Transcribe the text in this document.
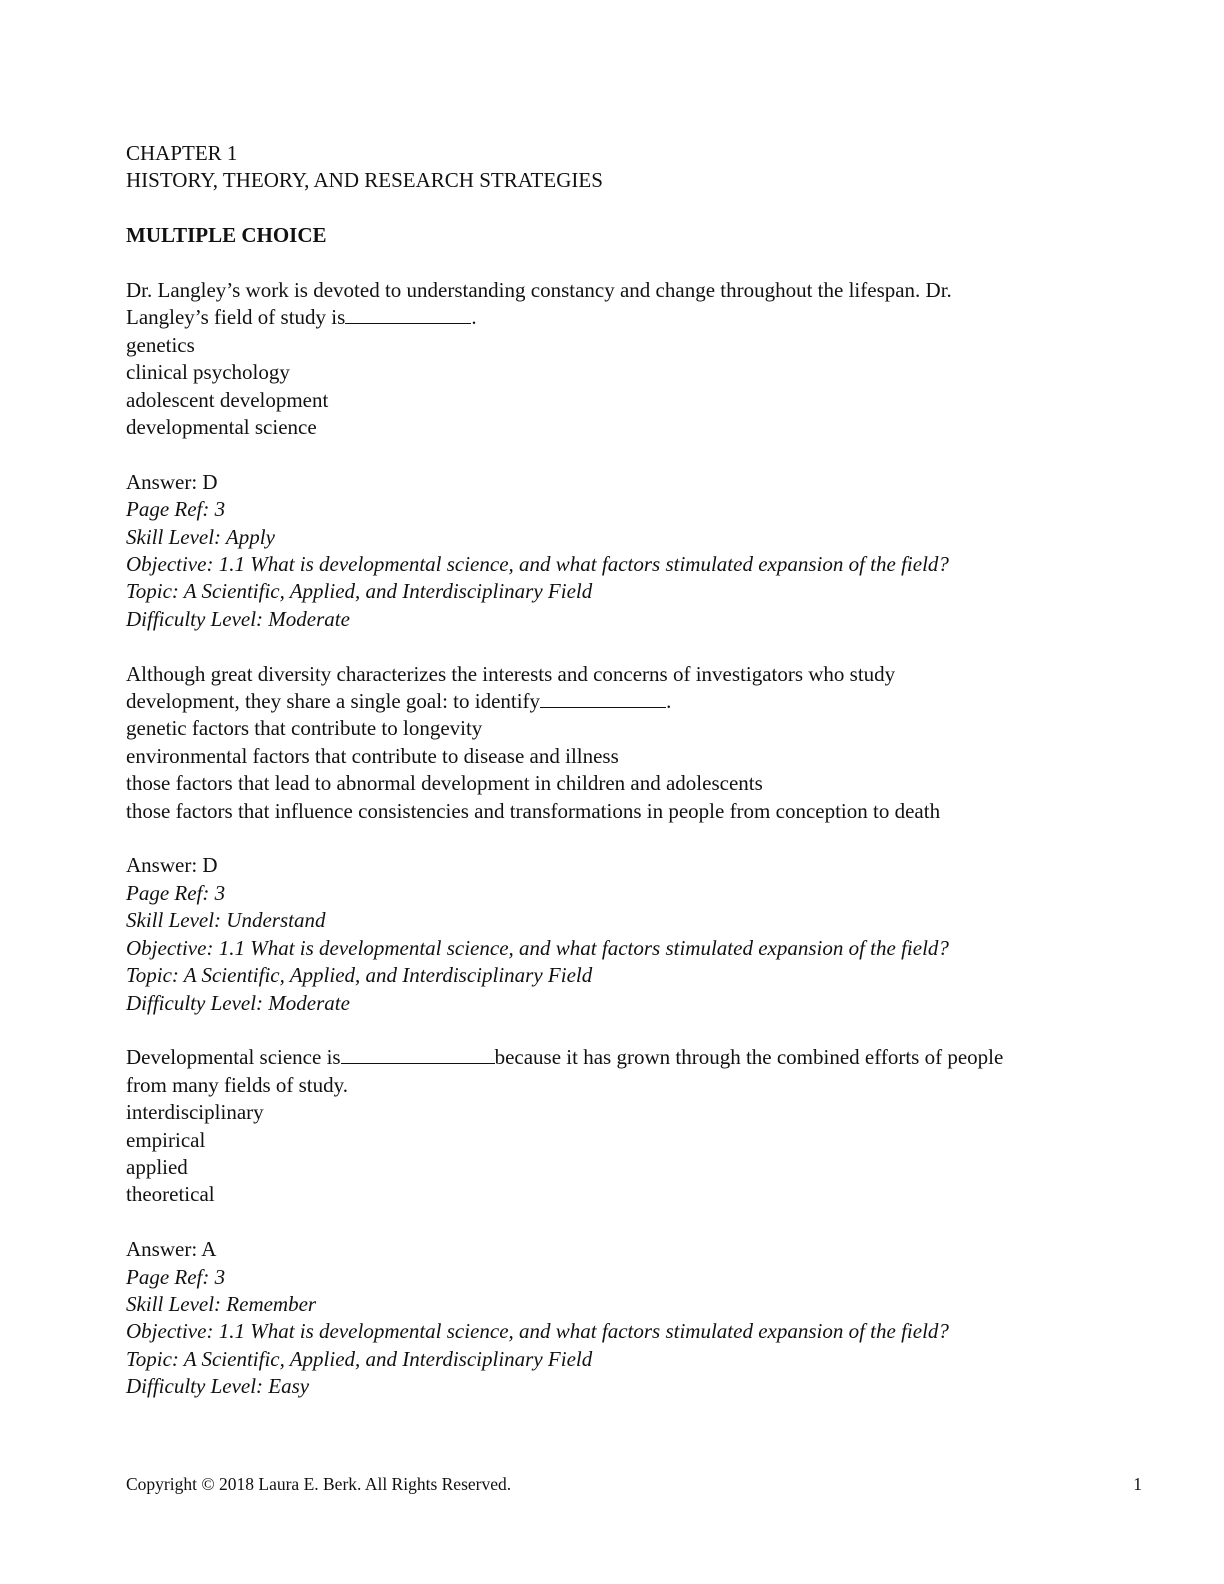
CHAPTER 1
HISTORY, THEORY, AND RESEARCH STRATEGIES
MULTIPLE CHOICE
Dr. Langley’s work is devoted to understanding constancy and change throughout the lifespan. Dr.
Langley’s field of study is	.
genetics
clinical psychology
adolescent development
developmental science
Answer: D
Page Ref: 3
Skill Level: Apply
Objective: 1.1 What is developmental science, and what factors stimulated expansion of the field?
Topic: A Scientific, Applied, and Interdisciplinary Field
Difficulty Level: Moderate
Although great diversity characterizes the interests and concerns of investigators who study
development, they share a single goal: to identify	.
genetic factors that contribute to longevity
environmental factors that contribute to disease and illness
those factors that lead to abnormal development in children and adolescents
those factors that influence consistencies and transformations in people from conception to death
Answer: D
Page Ref: 3
Skill Level: Understand
Objective: 1.1 What is developmental science, and what factors stimulated expansion of the field?
Topic: A Scientific, Applied, and Interdisciplinary Field
Difficulty Level: Moderate
Developmental science is	because it has grown through the combined efforts of people
from many fields of study.
interdisciplinary
empirical
applied
theoretical
Answer: A
Page Ref: 3
Skill Level: Remember
Objective: 1.1 What is developmental science, and what factors stimulated expansion of the field?
Topic: A Scientific, Applied, and Interdisciplinary Field
Difficulty Level: Easy
Copyright © 2018 Laura E. Berk. All Rights Reserved.	1
